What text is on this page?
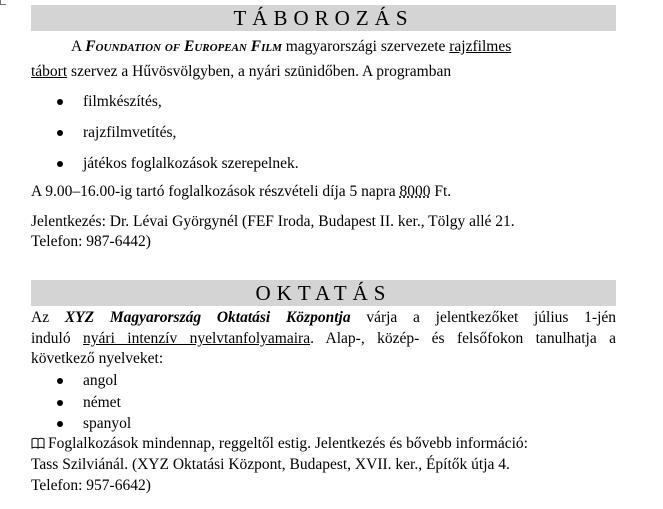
TÁBOROZÁS
A Foundation of European Film magyarországi szervezete rajzfilmes
tábort szervez a Hűvösvölgyben, a nyári szünidőben. A programban
filmkészítés,
rajzfilmvetítés,
játékos foglalkozások szerepelnek.
A 9.00–16.00-ig tartó foglalkozások részvételi díja 5 napra 8000 Ft.
Jelentkezés: Dr. Lévai Györgynél (FEF Iroda, Budapest II. ker., Tölgy allé 21.
Telefon: 987-6442)
OKTATÁS
Az XYZ Magyarország Oktatási Központja várja a jelentkezőket július 1-jén
induló nyári intenzív nyelvtanfolyamaira. Alap-, közép- és felsőfokon tanulhatja a
következő nyelveket:
angol
német
spanyol
Foglalkozások mindennap, reggeltől estig. Jelentkezés és bővebb információ:
Tass Szilviánál. (XYZ Oktatási Központ, Budapest, XVII. ker., Építők útja 4.
Telefon: 957-6642)
